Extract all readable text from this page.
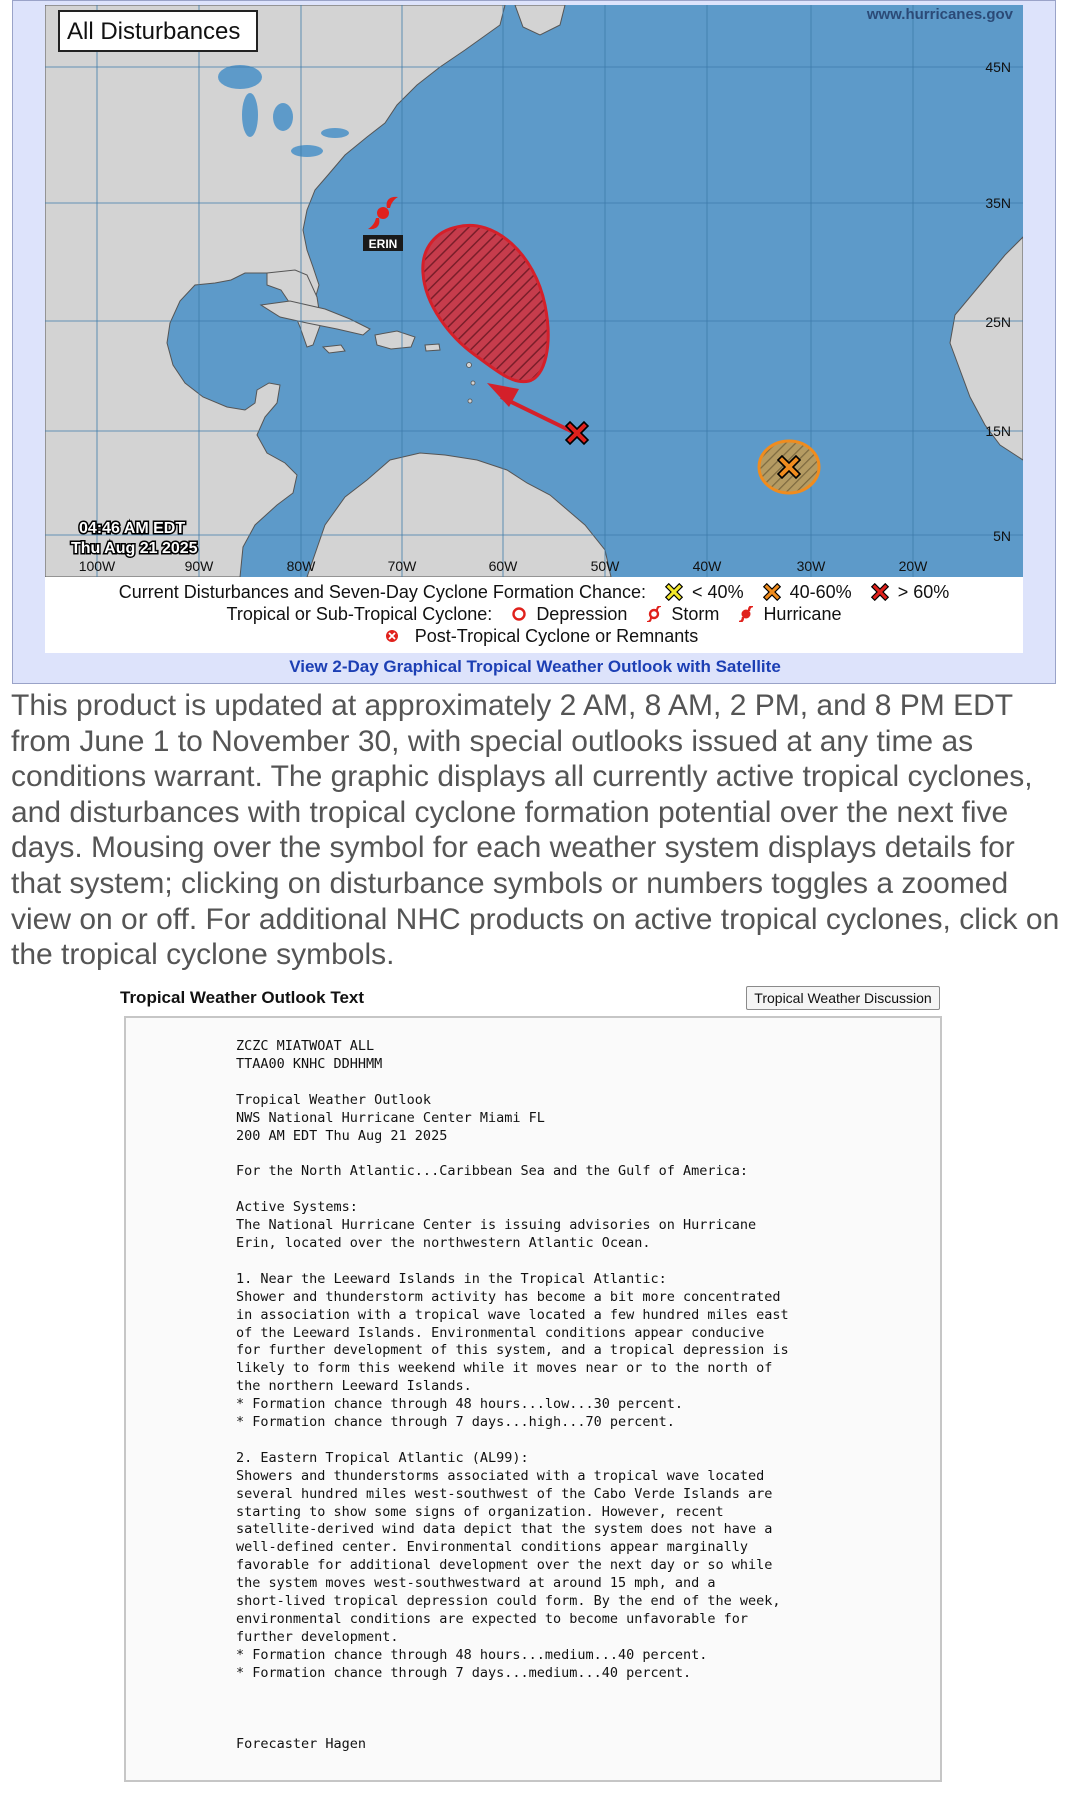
All Disturbances
www.hurricanes.gov
45N
35N
25N
15N
5N
100W	90W	80W	70W	60W	50W	40W	30W	20W
04:46 AM EDT
Thu Aug 21 2025
ERIN
Current Disturbances and Seven-Day Cyclone Formation Chance:	< 40%	40-60%	> 60%
Tropical or Sub-Tropical Cyclone: Depression Storm Hurricane
Post-Tropical Cyclone or Remnants
View 2-Day Graphical Tropical Weather Outlook with Satellite

This product is updated at approximately 2 AM, 8 AM, 2 PM, and 8 PM EDT from June 1 to November 30, with special outlooks issued at any time as conditions warrant. The graphic displays all currently active tropical cyclones, and disturbances with tropical cyclone formation potential over the next five days. Mousing over the symbol for each weather system displays details for that system; clicking on disturbance symbols or numbers toggles a zoomed view on or off. For additional NHC products on active tropical cyclones, click on the tropical cyclone symbols.

Tropical Weather Outlook Text	Tropical Weather Discussion
ZCZC MIATWOAT ALL
TTAA00 KNHC DDHHMM

Tropical Weather Outlook
NWS National Hurricane Center Miami FL
200 AM EDT Thu Aug 21 2025

For the North Atlantic...Caribbean Sea and the Gulf of America:

Active Systems:
The National Hurricane Center is issuing advisories on Hurricane
Erin, located over the northwestern Atlantic Ocean.

1. Near the Leeward Islands in the Tropical Atlantic:
Shower and thunderstorm activity has become a bit more concentrated
in association with a tropical wave located a few hundred miles east
of the Leeward Islands. Environmental conditions appear conducive
for further development of this system, and a tropical depression is
likely to form this weekend while it moves near or to the north of
the northern Leeward Islands.
* Formation chance through 48 hours...low...30 percent.
* Formation chance through 7 days...high...70 percent.

2. Eastern Tropical Atlantic (AL99):
Showers and thunderstorms associated with a tropical wave located
several hundred miles west-southwest of the Cabo Verde Islands are
starting to show some signs of organization. However, recent
satellite-derived wind data depict that the system does not have a
well-defined center. Environmental conditions appear marginally
favorable for additional development over the next day or so while
the system moves west-southwestward at around 15 mph, and a
short-lived tropical depression could form. By the end of the week,
environmental conditions are expected to become unfavorable for
further development.
* Formation chance through 48 hours...medium...40 percent.
* Formation chance through 7 days...medium...40 percent.

Forecaster Hagen
